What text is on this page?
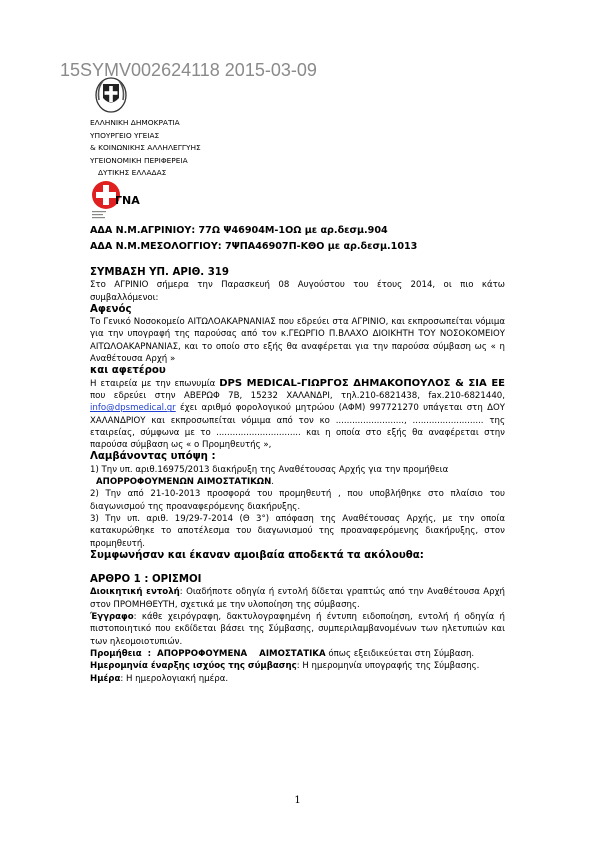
15SYMV002624118 2015-03-09
ΕΛΛΗΝΙΚΗ ΔΗΜΟΚΡΑΤΙΑ
ΥΠΟΥΡΓΕΙΟ ΥΓΕΙΑΣ
& ΚΟΙΝΩΝΙΚΗΣ ΑΛΛΗΛΕΓΓΥΗΣ
ΥΓΕΙΟΝΟΜΙΚΗ ΠΕΡΙΦΕΡΕΙΑ
ΔΥΤΙΚΗΣ ΕΛΛΑΔΑΣ
ΓΝΑ
ΑΔΑ Ν.Μ.ΑΓΡΙΝΙΟΥ: 77Ω Ψ46904Μ-1ΟΩ με αρ.δεσμ.904
ΑΔΑ Ν.Μ.ΜΕΣΟΛΟΓΓΙΟΥ: 7ΨΠΑ46907Π-ΚΘΟ με αρ.δεσμ.1013
ΣΥΜΒΑΣΗ ΥΠ. ΑΡΙΘ. 319
Στο ΑΓΡΙΝΙΟ σήμερα την Παρασκευή 08 Αυγούστου του έτους 2014, οι πιο κάτω συμβαλλόμενοι:
Αφενός
Το Γενικό Νοσοκομείο ΑΙΤΩΛΟΑΚΑΡΝΑΝΙΑΣ που εδρεύει στα ΑΓΡΙΝΙΟ, και εκπροσωπείται νόμιμα για την υπογραφή της παρούσας από τον κ.ΓΕΩΡΓΙΟ Π.ΒΛΑΧΟ ΔΙΟΙΚΗΤΗ ΤΟΥ ΝΟΣΟΚΟΜΕΙΟΥ ΑΙΤΩΛΟΑΚΑΡΝΑΝΙΑΣ, και το οποίο στο εξής θα αναφέρεται για την παρούσα σύμβαση ως « η Αναθέτουσα Αρχή »
και αφετέρου
Η εταιρεία με την επωνυμία DPS MEDICAL-ΓΙΩΡΓΟΣ ΔΗΜΑΚΟΠΟΥΛΟΣ & ΣΙΑ ΕΕ που εδρεύει στην ΑΒΕΡΩΦ 7Β, 15232 ΧΑΛΑΝΔΡΙ, τηλ.210-6821438, fax.210-6821440, info@dpsmedical.gr έχει αριθμό φορολογικού μητρώου (ΑΦΜ) 997721270 υπάγεται στη ΔΟΥ ΧΑΛΑΝΔΡΙΟΥ και εκπροσωπείται νόμιμα από τον κο ........................., .......................... της εταιρείας, σύμφωνα με το ............................... και η οποία στο εξής θα αναφέρεται στην παρούσα σύμβαση ως « ο Προμηθευτής »,
Λαμβάνοντας υπόψη :
1) Την υπ. αριθ.16975/2013 διακήρυξη της Αναθέτουσας Αρχής για την προμήθεια
ΑΠΟΡΡΟΦΟΥΜΕΝΩΝ ΑΙΜΟΣΤΑΤΙΚΩΝ.
2) Την από 21-10-2013 προσφορά του προμηθευτή , που υποβλήθηκε στο πλαίσιο του διαγωνισμού της προαναφερόμενης διακήρυξης.
3) Την υπ. αριθ. 19/29-7-2014 (Θ 3°) απόφαση της Αναθέτουσας Αρχής, με την οποία κατακυρώθηκε το αποτέλεσμα του διαγωνισμού της προαναφερόμενης διακήρυξης, στον προμηθευτή.
Συμφωνήσαν και έκαναν αμοιβαία αποδεκτά τα ακόλουθα:
ΑΡΘΡΟ 1 : ΟΡΙΣΜΟΙ
Διοικητική εντολή: Οιαδήποτε οδηγία ή εντολή δίδεται γραπτώς από την Αναθέτουσα Αρχή στον ΠΡΟΜΗΘΕΥΤΗ, σχετικά με την υλοποίηση της σύμβασης.
Έγγραφο: κάθε χειρόγραφη, δακτυλογραφημένη ή έντυπη ειδοποίηση, εντολή ή οδηγία ή πιστοποιητικό που εκδίδεται βάσει της Σύμβασης, συμπεριλαμβανομένων των ηλετυπιών και των ηλεομοιοτυπιών.
Προμήθεια  :  ΑΠΟΡΡΟΦΟΥΜΕΝΑ    ΑΙΜΟΣΤΑΤΙΚΑ όπως εξειδικεύεται στη Σύμβαση.
Ημερομηνία έναρξης ισχύος της σύμβασης: Η ημερομηνία υπογραφής της Σύμβασης.
Ημέρα: Η ημερολογιακή ημέρα.
1
